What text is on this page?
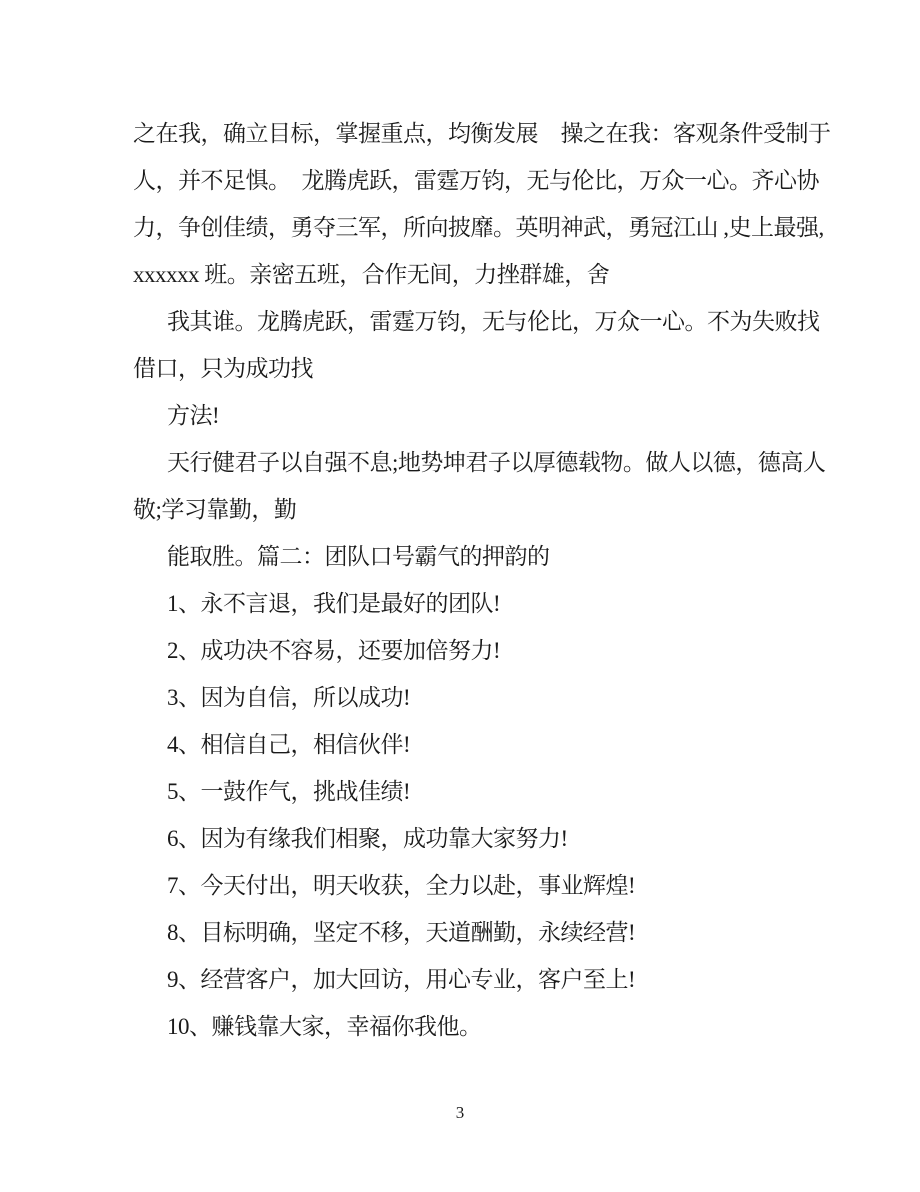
之在我，确立目标，掌握重点，均衡发展　操之在我：客观条件受制于
人，并不足惧。　龙腾虎跃，雷霆万钧，无与伦比，万众一心。齐心协
力，争创佳绩，勇夺三军，所向披靡。英明神武，勇冠江山 ,史上最强,
xxxxxx 班。亲密五班，合作无间，力挫群雄，舍
我其谁。龙腾虎跃，雷霆万钧，无与伦比，万众一心。不为失败找
借口，只为成功找
方法!
天行健君子以自强不息;地势坤君子以厚德载物。做人以德，德高人
敬;学习靠勤，勤
能取胜。篇二：团队口号霸气的押韵的
1、永不言退，我们是最好的团队!
2、成功决不容易，还要加倍努力!
3、因为自信，所以成功!
4、相信自己，相信伙伴!
5、一鼓作气，挑战佳绩!
6、因为有缘我们相聚，成功靠大家努力!
7、今天付出，明天收获，全力以赴，事业辉煌!
8、目标明确，坚定不移，天道酬勤，永续经营!
9、经营客户，加大回访，用心专业，客户至上!
10、赚钱靠大家，幸福你我他。
3
